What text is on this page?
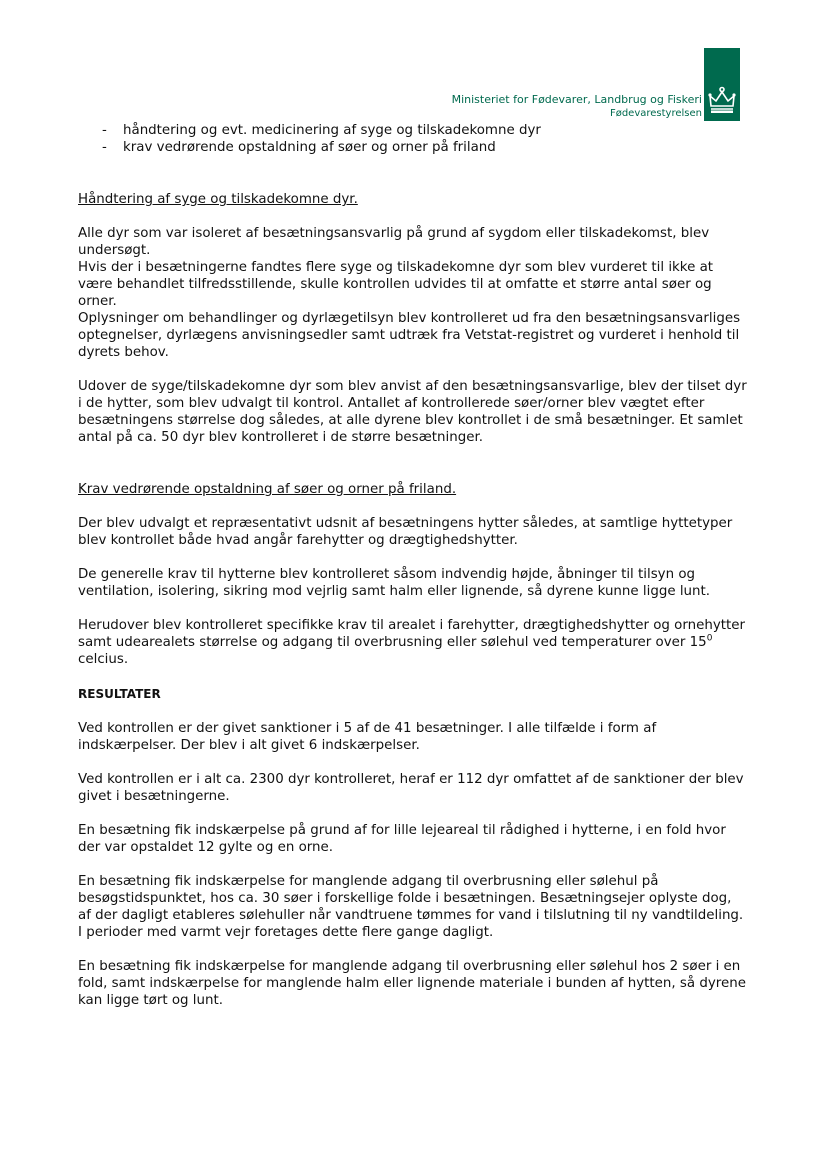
Ministeriet for Fødevarer, Landbrug og Fiskeri
Fødevarestyrelsen
- håndtering og evt. medicinering af syge og tilskadekomne dyr
- krav vedrørende opstaldning af søer og orner på friland

Håndtering af syge og tilskadekomne dyr.

Alle dyr som var isoleret af besætningsansvarlig på grund af sygdom eller tilskadekomst, blev undersøgt.

Hvis der i besætningerne fandtes flere syge og tilskadekomne dyr som blev vurderet til ikke at være behandlet tilfredsstillende, skulle kontrollen udvides til at omfatte et større antal søer og orner.

Oplysninger om behandlinger og dyrlægetilsyn blev kontrolleret ud fra den besætningsansvarliges optegnelser, dyrlægens anvisningsedler samt udtræk fra Vetstat-registret og vurderet i henhold til dyrets behov.

Udover de syge/tilskadekomne dyr som blev anvist af den besætningsansvarlige, blev der tilset dyr i de hytter, som blev udvalgt til kontrol. Antallet af kontrollerede søer/orner blev vægtet efter besætningens størrelse dog således, at alle dyrene blev kontrollet i de små besætninger. Et samlet antal på ca. 50 dyr blev kontrolleret i de større besætninger.

Krav vedrørende opstaldning af søer og orner på friland.

Der blev udvalgt et repræsentativt udsnit af besætningens hytter således, at samtlige hyttetyper blev kontrollet både hvad angår farehytter og drægtighedshytter.

De generelle krav til hytterne blev kontrolleret såsom indvendig højde, åbninger til tilsyn og ventilation, isolering, sikring mod vejrlig samt halm eller lignende, så dyrene kunne ligge lunt.

Herudover blev kontrolleret specifikke krav til arealet i farehytter, drægtighedshytter og ornehytter samt udearealets størrelse og adgang til overbrusning eller sølehul ved temperaturer over $15^0$ celcius.

RESULTATER

Ved kontrollen er der givet sanktioner i 5 af de 41 besætninger. I alle tilfælde i form af indskærpelser. Der blev i alt givet 6 indskærpelser.

Ved kontrollen er i alt ca. 2300 dyr kontrolleret, heraf er 112 dyr omfattet af de sanktioner der blev givet i besætningerne.

En besætning fik indskærpelse på grund af for lille lejeareal til rådighed i hytterne, i en fold hvor der var opstaldet 12 gylte og en orne.

En besætning fik indskærpelse for manglende adgang til overbrusning eller sølehul på besøgstidspunktet, hos ca. 30 søer i forskellige folde i besætningen. Besætningsejer oplyste dog, af der dagligt etableres sølehuller når vandtruene tømmes for vand i tilslutning til ny vandtildeling. I perioder med varmt vejr foretages dette flere gange dagligt.

En besætning fik indskærpelse for manglende adgang til overbrusning eller sølehul hos 2 søer i en fold, samt indskærpelse for manglende halm eller lignende materiale i bunden af hytten, så dyrene kan ligge tørt og lunt.
